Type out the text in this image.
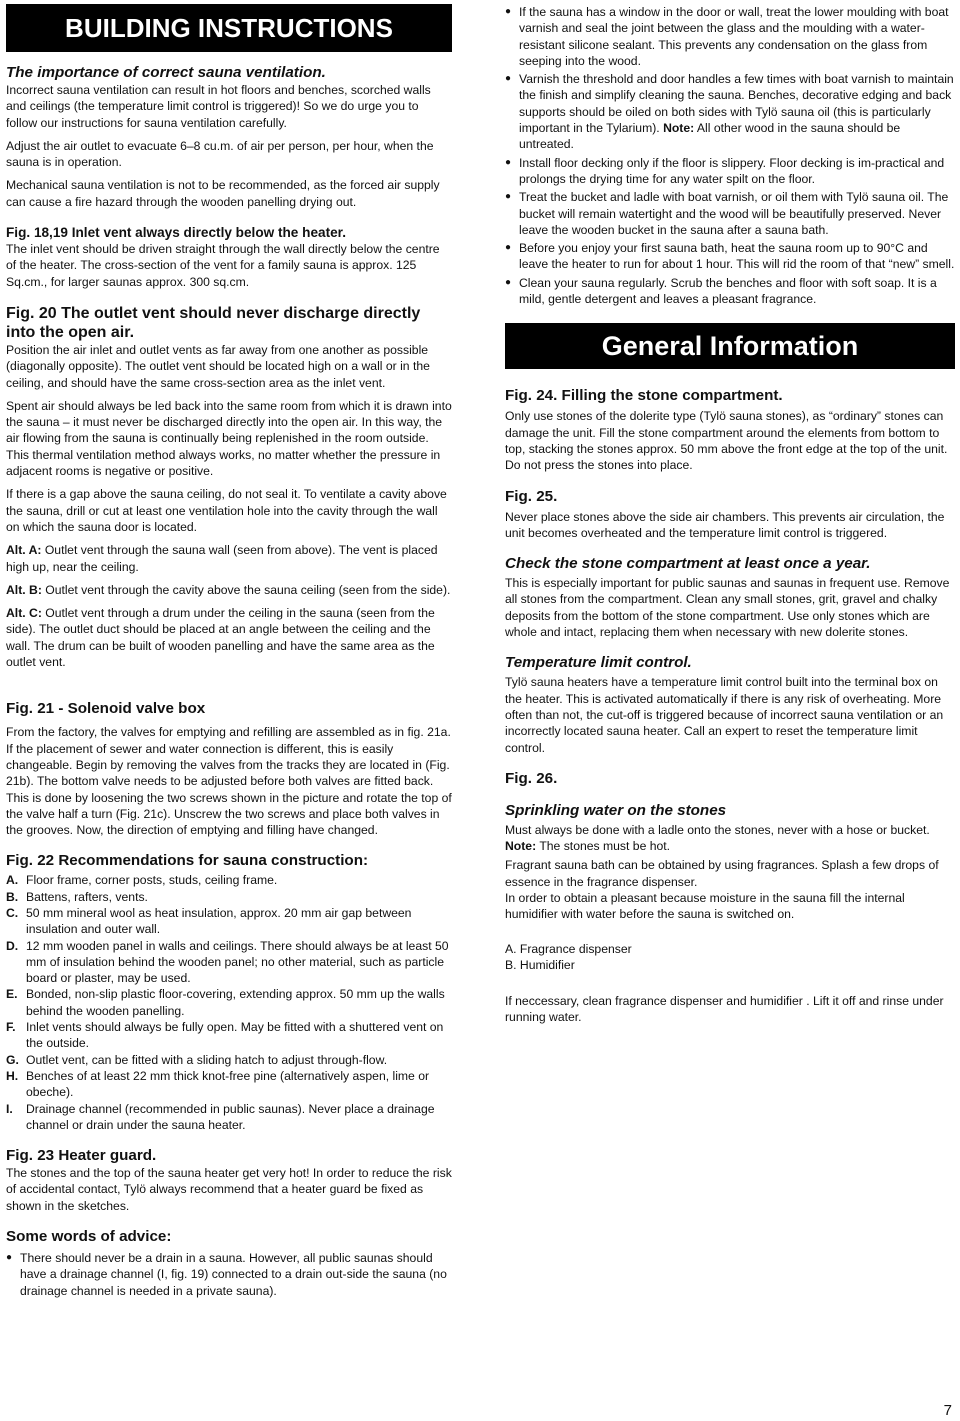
BUILDING INSTRUCTIONS
The importance of correct sauna ventilation.

Incorrect sauna ventilation can result in hot floors and benches, scorched walls and ceilings (the temperature limit control is triggered)! So we do urge you to follow our instructions for sauna ventilation carefully.

Adjust the air outlet to evacuate 6–8 cu.m. of air per person, per hour, when the sauna is in operation.

Mechanical sauna ventilation is not to be recommended, as the forced air supply can cause a fire hazard through the wooden panelling drying out.

Fig. 18,19 Inlet vent always directly below the heater.

The inlet vent should be driven straight through the wall directly below the centre of the heater. The cross-section of the vent for a family sauna is approx. 125 Sq.cm., for larger saunas approx. 300 sq.cm.

Fig. 20 The outlet vent should never discharge directly into the open air.

Position the air inlet and outlet vents as far away from one another as possible (diagonally opposite). The outlet vent should be located high on a wall or in the ceiling, and should have the same cross-section area as the inlet vent.

Spent air should always be led back into the same room from which it is drawn into the sauna – it must never be discharged directly into the open air. In this way, the air flowing from the sauna is continually being replenished in the room outside. This thermal ventilation method always works, no matter whether the pressure in adjacent rooms is negative or positive.

If there is a gap above the sauna ceiling, do not seal it. To ventilate a cavity above the sauna, drill or cut at least one ventilation hole into the cavity through the wall on which the sauna door is located.

Alt. A: Outlet vent through the sauna wall (seen from above). The vent is placed high up, near the ceiling.

Alt. B: Outlet vent through the cavity above the sauna ceiling (seen from the side).

Alt. C: Outlet vent through a drum under the ceiling in the sauna (seen from the side). The outlet duct should be placed at an angle between the ceiling and the wall. The drum can be built of wooden panelling and have the same area as the outlet vent.

Fig. 21 - Solenoid valve box

From the factory, the valves for emptying and refilling are assembled as in fig. 21a. If the placement of sewer and water connection is different, this is easily changeable. Begin by removing the valves from the tracks they are located in (Fig. 21b). The bottom valve needs to be adjusted before both valves are fitted back. This is done by loosening the two screws shown in the picture and rotate the top of the valve half a turn (Fig. 21c). Unscrew the two screws and place both valves in the grooves. Now, the direction of emptying and filling have changed.

Fig. 22 Recommendations for sauna construction:
A. Floor frame, corner posts, studs, ceiling frame.
B. Battens, rafters, vents.
C. 50 mm mineral wool as heat insulation, approx. 20 mm air gap between insulation and outer wall.
D. 12 mm wooden panel in walls and ceilings. There should always be at least 50 mm of insulation behind the wooden panel; no other material, such as particle board or plaster, may be used.
E. Bonded, non-slip plastic floor-covering, extending approx. 50 mm up the walls behind the wooden panelling.
F. Inlet vents should always be fully open. May be fitted with a shuttered vent on the outside.
G. Outlet vent, can be fitted with a sliding hatch to adjust through-flow.
H. Benches of at least 22 mm thick knot-free pine (alternatively aspen, lime or obeche).
I.	Drainage channel (recommended in public saunas). Never place a drainage channel or drain under the sauna heater.
Fig. 23 Heater guard.

The stones and the top of the sauna heater get very hot! In order to reduce the risk of accidental contact, Tylö always recommend that a heater guard be fixed as shown in the sketches.

Some words of advice:
● There should never be a drain in a sauna. However, all public saunas should have a drainage channel (I, fig. 19) connected to a drain out-side the sauna (no drainage channel is needed in a private sauna).
● If the sauna has a window in the door or wall, treat the lower moulding with boat varnish and seal the joint between the glass and the moulding with a water-resistant silicone sealant. This prevents any condensation on the glass from seeping into the wood.
● Varnish the threshold and door handles a few times with boat varnish to maintain the finish and simplify cleaning the sauna. Benches, decorative edging and back supports should be oiled on both sides with Tylö sauna oil (this is particularly important in the Tylarium). Note: All other wood in the sauna should be untreated.
● Install floor decking only if the floor is slippery. Floor decking is im-practical and prolongs the drying time for any water spilt on the floor.
● Treat the bucket and ladle with boat varnish, or oil them with Tylö sauna oil. The bucket will remain watertight and the wood will be beautifully preserved. Never leave the wooden bucket in the sauna after a sauna bath.
● Before you enjoy your first sauna bath, heat the sauna room up to 90°C and leave the heater to run for about 1 hour. This will rid the room of that “new” smell.
● Clean your sauna regularly. Scrub the benches and floor with soft soap. It is a mild, gentle detergent and leaves a pleasant fragrance.
General Information
Fig. 24. Filling the stone compartment.

Only use stones of the dolerite type (Tylö sauna stones), as “ordinary” stones can damage the unit. Fill the stone compartment around the elements from bottom to top, stacking the stones approx. 50 mm above the front edge at the top of the unit. Do not press the stones into place.

Fig. 25.

Never place stones above the side air chambers. This prevents air circulation, the unit becomes overheated and the temperature limit control is triggered.

Check the stone compartment at least once a year.

This is especially important for public saunas and saunas in frequent use. Remove all stones from the compartment. Clean any small stones, grit, gravel and chalky deposits from the bottom of the stone compartment. Use only stones which are whole and intact, replacing them when necessary with new dolerite stones.

Temperature limit control.

Tylö sauna heaters have a temperature limit control built into the terminal box on the heater. This is activated automatically if there is any risk of overheating. More often than not, the cut-off is triggered because of incorrect sauna ventilation or an incorrectly located sauna heater. Call an expert to reset the temperature limit control.

Fig. 26.
Sprinkling water on the stones

Must always be done with a ladle onto the stones, never with a hose or bucket. Note: The stones must be hot.

Fragrant sauna bath can be obtained by using fragrances. Splash a few drops of essence in the fragrance dispenser.

In order to obtain a pleasant because moisture in the sauna fill the internal humidifier with water before the sauna is switched on.

A. Fragrance dispenser

B. Humidifier

If neccessary, clean fragrance dispenser and humidifier . Lift it off and rinse under running water.

7
